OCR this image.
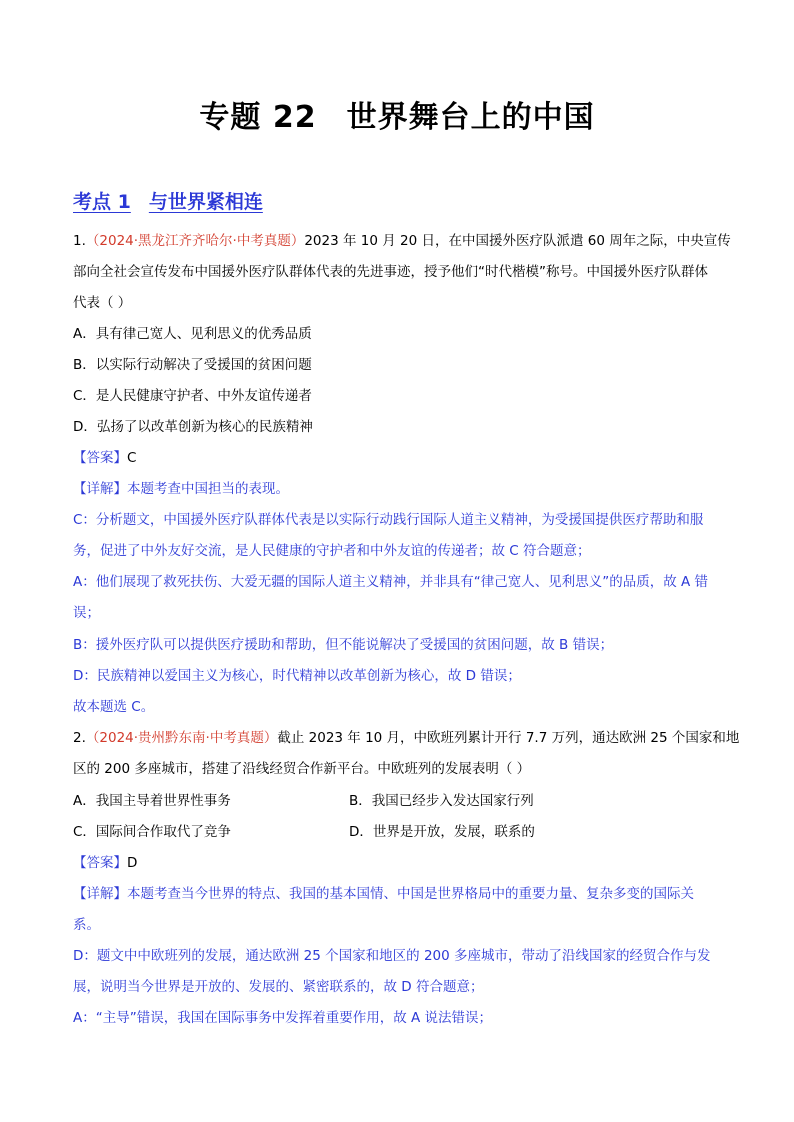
专题 22 世界舞台上的中国
考点 1 与世界紧相连
1.（2024·黑龙江齐齐哈尔·中考真题）2023 年 10 月 20 日，在中国援外医疗队派遣 60 周年之际，中央宣传
部向全社会宣传发布中国援外医疗队群体代表的先进事迹，授予他们“时代楷模”称号。中国援外医疗队群体
代表（ ）
A．具有律己宽人、见利思义的优秀品质
B．以实际行动解决了受援国的贫困问题
C．是人民健康守护者、中外友谊传递者
D．弘扬了以改革创新为核心的民族精神
【答案】C
【详解】本题考查中国担当的表现。
C：分析题文，中国援外医疗队群体代表是以实际行动践行国际人道主义精神，为受援国提供医疗帮助和服
务，促进了中外友好交流，是人民健康的守护者和中外友谊的传递者；故 C 符合题意；
A：他们展现了救死扶伤、大爱无疆的国际人道主义精神，并非具有“律己宽人、见利思义”的品质，故 A 错
误；
B：援外医疗队可以提供医疗援助和帮助，但不能说解决了受援国的贫困问题，故 B 错误；
D：民族精神以爱国主义为核心，时代精神以改革创新为核心，故 D 错误；
故本题选 C。
2.（2024·贵州黔东南·中考真题）截止 2023 年 10 月，中欧班列累计开行 7.7 万列，通达欧洲 25 个国家和地
区的 200 多座城市，搭建了沿线经贸合作新平台。中欧班列的发展表明（ ）
A．我国主导着世界性事务	B．我国已经步入发达国家行列
C．国际间合作取代了竞争	D．世界是开放，发展，联系的
【答案】D
【详解】本题考查当今世界的特点、我国的基本国情、中国是世界格局中的重要力量、复杂多变的国际关
系。
D：题文中中欧班列的发展，通达欧洲 25 个国家和地区的 200 多座城市，带动了沿线国家的经贸合作与发
展，说明当今世界是开放的、发展的、紧密联系的，故 D 符合题意；
A：“主导”错误，我国在国际事务中发挥着重要作用，故 A 说法错误；
